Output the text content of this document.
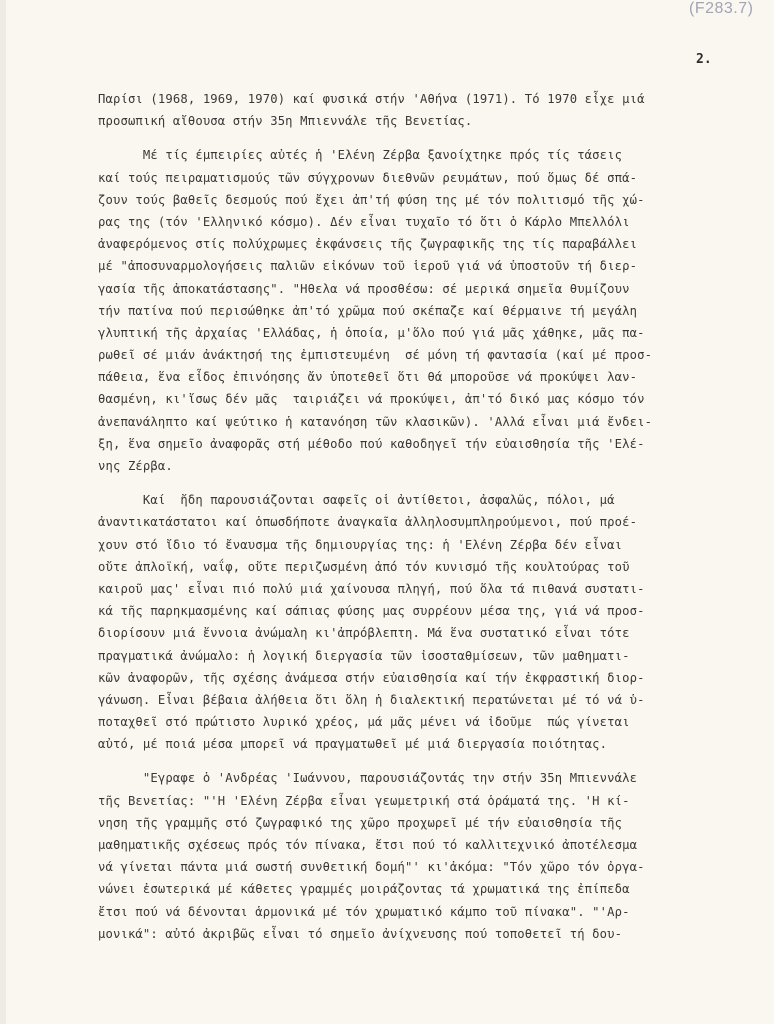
(F283.7)
2.
Παρίσι (1968, 1969, 1970) καί φυσικά στήν 'Αθήνα (1971). Τό 1970 εἶχε μιά
προσωπική αἴθουσα στήν 35η Μπιεννάλε τῆς Βενετίας.
Μέ τίς έμπειρίες αὐτές ἡ 'Ελένη Ζέρβα ξανοίχτηκε πρός τίς τάσεις
καί τούς πειραματισμούς τῶν σύγχρονων διεθνῶν ρευμάτων, πού ὅμως δέ σπά-
ζουν τούς βαθεῖς δεσμούς πού ἔχει ἀπ'τή φύση της μέ τόν πολιτισμό τῆς χώ-
ρας της (τόν 'Ελληνικό κόσμο). Δέν εἶναι τυχαῖο τό ὅτι ὁ Κάρλο Μπελλόλι
ἀναφερόμενος στίς πολύχρωμες ἐκφάνσεις τῆς ζωγραφικῆς της τίς παραβάλλει
μέ "ἀποσυναρμολογήσεις παλιῶν εἰκόνων τοῦ ἱεροῦ γιά νά ὑποστοῦν τή διερ-
γασία τῆς ἀποκατάστασης". "Ηθελα νά προσθέσω: σέ μερικά σημεῖα θυμίζουν
τήν πατίνα πού περισώθηκε ἀπ'τό χρῶμα πού σκέπαζε καί θέρμαινε τή μεγάλη
γλυπτική τῆς ἀρχαίας 'Ελλάδας, ἡ ὁποία, μ'ὅλο πού γιά μᾶς χάθηκε, μᾶς πα-
ρωθεῖ σέ μιάν ἀνάκτησή της ἐμπιστευμένη  σέ μόνη τή φαντασία (καί μέ προσ-
πάθεια, ἕνα εἶδος ἐπινόησης ἄν ὑποτεθεῖ ὅτι θά μποροῦσε νά προκύψει λαν-
θασμένη, κι'ἴσως δέν μᾶς  ταιριάζει νά προκύψει, ἀπ'τό δικό μας κόσμο τόν
ἀνεπανάληπτο καί ψεύτικο ἡ κατανόηση τῶν κλασικῶν). 'Αλλά εἶναι μιά ἔνδει-
ξη, ἕνα σημεῖο ἀναφορᾶς στή μέθοδο πού καθοδηγεῖ τήν εὐαισθησία τῆς 'Ελέ-
νης Ζέρβα.
Καί  ἤδη παρουσιάζονται σαφεῖς οἱ ἀντίθετοι, ἀσφαλῶς, πόλοι, μά
ἀναντικατάστατοι καί ὁπωσδήποτε ἀναγκαῖα ἀλληλοσυμπληρούμενοι, πού προέ-
χουν στό ἴδιο τό ἔναυσμα τῆς δημιουργίας της: ἡ 'Ελένη Ζέρβα δέν εἶναι
οὔτε ἀπλοϊκή, ναΐφ, οὔτε περιζωσμένη ἀπό τόν κυνισμό τῆς κουλτούρας τοῦ
καιροῦ μας' εἶναι πιό πολύ μιά χαίνουσα πληγή, πού ὅλα τά πιθανά συστατι-
κά τῆς παρηκμασμένης καί σάπιας φύσης μας συρρέουν μέσα της, γιά νά προσ-
διορίσουν μιά ἔννοια ἀνώμαλη κι'ἀπρόβλεπτη. Μά ἕνα συστατικό εἶναι τότε
πραγματικά ἀνώμαλο: ἡ λογική διεργασία τῶν ἰσοσταθμίσεων, τῶν μαθηματι-
κῶν ἀναφορῶν, τῆς σχέσης ἀνάμεσα στήν εὐαισθησία καί τήν ἐκφραστική διορ-
γάνωση. Εἶναι βέβαια ἀλήθεια ὅτι ὅλη ἡ διαλεκτική περατώνεται μέ τό νά ὑ-
ποταχθεῖ στό πρώτιστο λυρικό χρέος, μά μᾶς μένει νά ἰδοῦμε  πώς γίνεται
αὐτό, μέ ποιά μέσα μπορεῖ νά πραγματωθεῖ μέ μιά διεργασία ποιότητας.
"Εγραφε ὁ 'Ανδρέας 'Ιωάννου, παρουσιάζοντάς την στήν 35η Μπιεννάλε
τῆς Βενετίας: "'Η 'Ελένη Ζέρβα εἶναι γεωμετρική στά ὁράματά της. 'Η κί-
νηση τῆς γραμμῆς στό ζωγραφικό της χῶρο προχωρεῖ μέ τήν εὐαισθησία τῆς
μαθηματικῆς σχέσεως πρός τόν πίνακα, ἔτσι πού τό καλλιτεχνικό ἀποτέλεσμα
νά γίνεται πάντα μιά σωστή συνθετική δομή"' κι'ἀκόμα: "Τόν χῶρο τόν ὀργα-
νώνει ἐσωτερικά μέ κάθετες γραμμές μοιράζοντας τά χρωματικά της ἐπίπεδα
ἔτσι πού νά δένονται ἁρμονικά μέ τόν χρωματικό κάμπο τοῦ πίνακα". "'Αρ-
μονικά": αὐτό ἀκριβῶς εἶναι τό σημεῖο ἀνίχνευσης πού τοποθετεῖ τή δου-
